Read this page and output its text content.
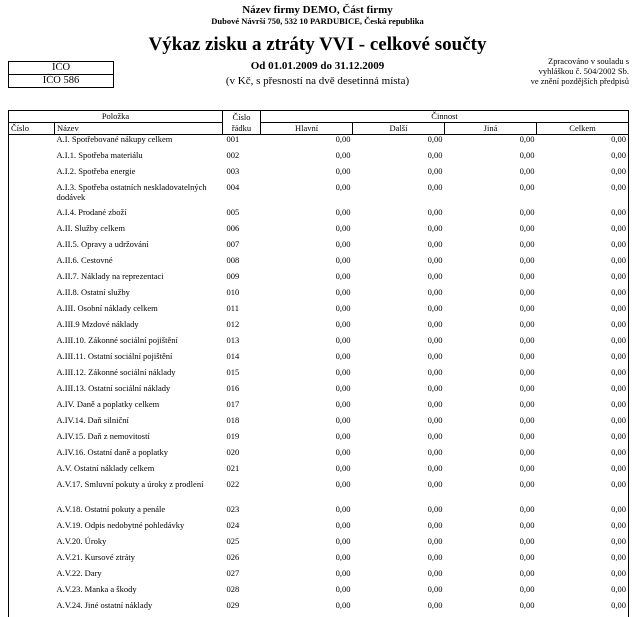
Název firmy DEMO, Část firmy
Dubové Návrší 750, 532 10 PARDUBICE, Česká republika
Výkaz zisku a ztráty VVI - celkové součty
Od 01.01.2009 do 31.12.2009
(v Kč, s přesností na dvě desetinná místa)
Zpracováno v souladu s
vyhláškou č. 504/2002 Sb.
ve znění pozdějších předpisů
IČO
IČO 586
Položka		Číslo řádku	Činnost			
Číslo	Název		Hlavní	Další	Jiná	Celkem
	A.I. Spotřebované nákupy celkem	001	0,00	0,00	0,00	0,00
	A.I.1. Spotřeba materiálu	002	0,00	0,00	0,00	0,00
	A.I.2. Spotřeba energie	003	0,00	0,00	0,00	0,00
	A.I.3. Spotřeba ostatních neskladovatelných dodávek	004	0,00	0,00	0,00	0,00
	A.I.4. Prodané zboží	005	0,00	0,00	0,00	0,00
	A.II. Služby celkem	006	0,00	0,00	0,00	0,00
	A.II.5. Opravy a udržování	007	0,00	0,00	0,00	0,00
	A.II.6. Cestovné	008	0,00	0,00	0,00	0,00
	A.II.7. Náklady na reprezentaci	009	0,00	0,00	0,00	0,00
	A.II.8. Ostatní služby	010	0,00	0,00	0,00	0,00
	A.III. Osobní náklady celkem	011	0,00	0,00	0,00	0,00
	A.III.9 Mzdové náklady	012	0,00	0,00	0,00	0,00
	A.III.10. Zákonné sociální pojištění	013	0,00	0,00	0,00	0,00
	A.III.11. Ostatní sociální pojištění	014	0,00	0,00	0,00	0,00
	A.III.12. Zákonné sociální náklady	015	0,00	0,00	0,00	0,00
	A.III.13. Ostatní sociální náklady	016	0,00	0,00	0,00	0,00
	A.IV. Daně a poplatky celkem	017	0,00	0,00	0,00	0,00
	A.IV.14. Daň silniční	018	0,00	0,00	0,00	0,00
	A.IV.15. Daň z nemovitostí	019	0,00	0,00	0,00	0,00
	A.IV.16. Ostatní daně a poplatky	020	0,00	0,00	0,00	0,00
	A.V. Ostatní náklady celkem	021	0,00	0,00	0,00	0,00
	A.V.17. Smluvní pokuty a úroky z prodlení	022	0,00	0,00	0,00	0,00
	A.V.18. Ostatní pokuty a penále	023	0,00	0,00	0,00	0,00
	A.V.19. Odpis nedobytné pohledávky	024	0,00	0,00	0,00	0,00
	A.V.20. Úroky	025	0,00	0,00	0,00	0,00
	A.V.21. Kursové ztráty	026	0,00	0,00	0,00	0,00
	A.V.22. Dary	027	0,00	0,00	0,00	0,00
	A.V.23. Manka a škody	028	0,00	0,00	0,00	0,00
	A.V.24. Jiné ostatní náklady	029	0,00	0,00	0,00	0,00
